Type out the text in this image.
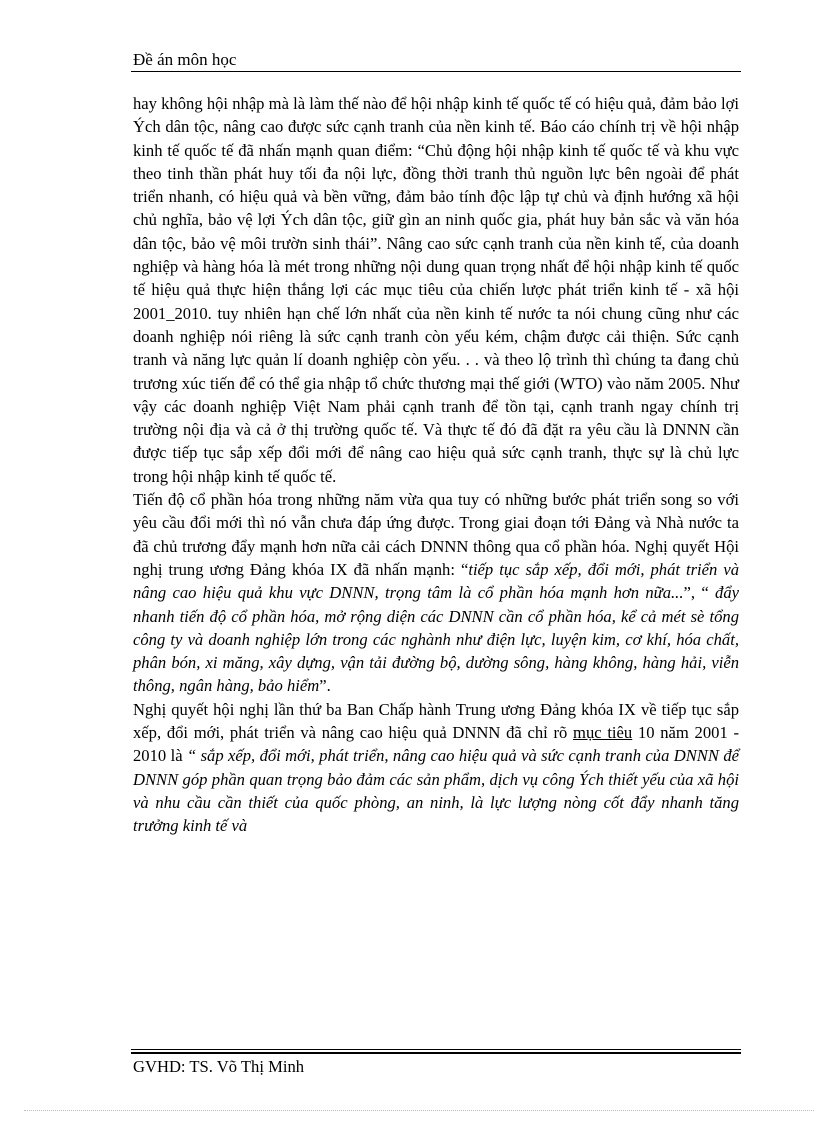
Đề án môn học

hay không hội nhập mà là làm thế nào để hội nhập kinh tế quốc tế có hiệu quả, đảm bảo lợi Ých dân tộc, nâng cao được sức cạnh tranh của nền kinh tế. Báo cáo chính trị về hội nhập kinh tế quốc tế đã nhấn mạnh quan điểm: “Chủ động hội nhập kinh tế quốc tế và khu vực theo tinh thần phát huy tối đa nội lực, đồng thời tranh thủ nguồn lực bên ngoài để phát triển nhanh, có hiệu quả và bền vững, đảm bảo tính độc lập tự chủ và định hướng xã hội chủ nghĩa, bảo vệ lợi Ých dân tộc, giữ gìn an ninh quốc gia, phát huy bản sắc và văn hóa dân tộc, bảo vệ môi trườn sinh thái”. Nâng cao sức cạnh tranh của nền kinh tế, của doanh nghiệp và hàng hóa là mét trong những nội dung quan trọng nhất để hội nhập kinh tế quốc tế hiệu quả thực hiện thắng lợi các mục tiêu của chiến lược phát triển kinh tế - xã hội 2001_2010. tuy nhiên hạn chế lớn nhất của nền kinh tế nước ta nói chung cũng như các doanh nghiệp nói riêng là sức cạnh tranh còn yếu kém, chậm được cải thiện. Sức cạnh tranh và năng lực quản lí doanh nghiệp còn yếu. . . và theo lộ trình thì chúng ta đang chủ trương xúc tiến để có thể gia nhập tổ chức thương mại thế giới (WTO) vào năm 2005. Như vậy các doanh nghiệp Việt Nam phải cạnh tranh để tồn tại, cạnh tranh ngay chính trị trường nội địa và cả ở thị trường quốc tế. Và thực tế đó đã đặt ra yêu cầu là DNNN cần được tiếp tục sắp xếp đổi mới để nâng cao hiệu quả sức cạnh tranh, thực sự là chủ lực trong hội nhập kinh tế quốc tế.

Tiến độ cổ phần hóa trong những năm vừa qua tuy có những bước phát triển song so với yêu cầu đổi mới thì nó vẫn chưa đáp ứng được. Trong giai đoạn tới Đảng và Nhà nước ta đã chủ trương đẩy mạnh hơn nữa cải cách DNNN thông qua cổ phần hóa. Nghị quyết Hội nghị trung ương Đảng khóa IX đã nhấn mạnh: “tiếp tục sắp xếp, đổi mới, phát triển và nâng cao hiệu quả khu vực DNNN, trọng tâm là cổ phần hóa mạnh hơn nữa...”, “ đẩy nhanh tiến độ cổ phần hóa, mở rộng diện các DNNN cần cổ phần hóa, kể cả mét sè tổng công ty và doanh nghiệp lớn trong các nghành như điện lực, luyện kim, cơ khí, hóa chất, phân bón, xi măng, xây dựng, vận tải đường bộ, dường sông, hàng không, hàng hải, viễn thông, ngân hàng, bảo hiểm”.

Nghị quyết hội nghị lần thứ ba Ban Chấp hành Trung ương Đảng khóa IX về tiếp tục sắp xếp, đổi mới, phát triển và nâng cao hiệu quả DNNN đã chỉ rõ mục tiêu 10 năm 2001 - 2010 là “ sắp xếp, đổi mới, phát triển, nâng cao hiệu quả và sức cạnh tranh của DNNN để DNNN góp phần quan trọng bảo đảm các sản phẩm, dịch vụ công Ých thiết yếu của xã hội và nhu cầu cần thiết của quốc phòng, an ninh, là lực lượng nòng cốt đẩy nhanh tăng trưởng kinh tế và

GVHD: TS. Võ Thị Minh
